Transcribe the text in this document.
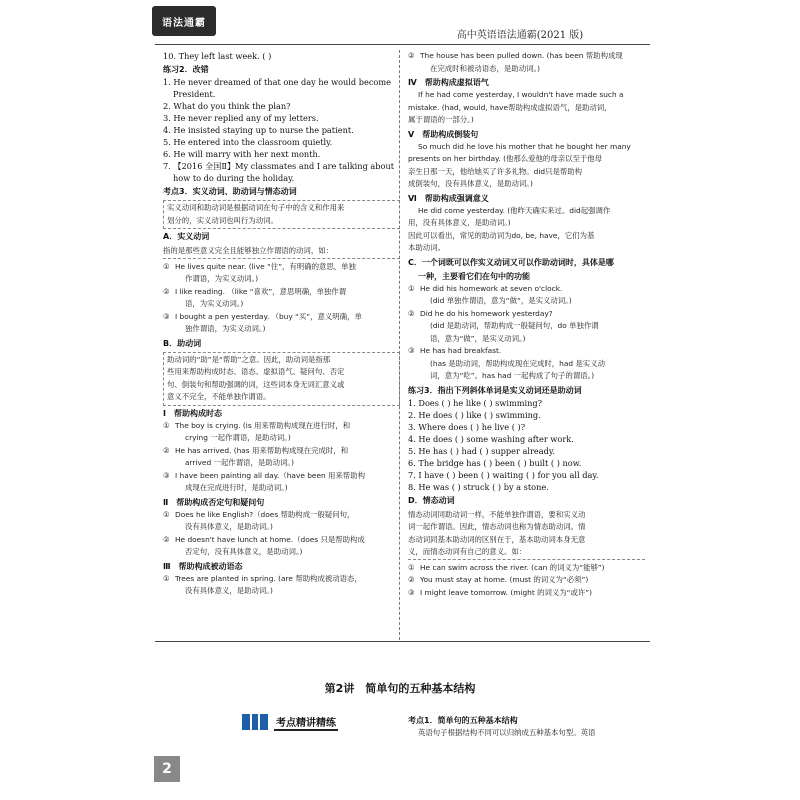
语法通霸
高中英语语法通霸(2021 版)
10. They left last week. ( )
练习2．改错
1. He never dreamed of that one day he would become
President.
2. What do you think the plan?
3. He never replied any of my letters.
4. He insisted staying up to nurse the patient.
5. He entered into the classroom quietly.
6. He will marry with her next month.
7. 【2016 全国Ⅱ】My classmates and I are talking about
how to do during the holiday.
考点3．实义动词、助动词与情态动词
实义动词和助动词是根据动词在句子中的含义和作用来
划分的，实义动词也叫行为动词。
A．实义动词
指的是那些意义完全且能够独立作谓语的动词，如：
① He lives quite near. (live “住”，有明确的意思，单独
作谓语，为实义动词。)
② I like reading. （like “喜欢”，意思明确，单独作谓
语，为实义动词。)
③ I bought a pen yesterday. （buy “买”，意义明确，单
独作谓语，为实义动词。)
B．助动词
助动词的“助”是“帮助”之意。因此，助动词是指那
些用来帮助构成时态、语态、虚拟语气、疑问句、否定
句、倒装句和帮助强调的词，这些词本身无词汇意义或
意义不完全，不能单独作谓语。
Ⅰ　帮助构成时态
① The boy is crying. (is 用来帮助构成现在进行时，和
crying 一起作谓语，是助动词。)
② He has arrived. (has 用来帮助构成现在完成时，和
arrived 一起作谓语，是助动词。)
③ I have been painting all day.（have been 用来帮助构
成现在完成进行时，是助动词。)
Ⅱ　帮助构成否定句和疑问句
① Does he like English?（does 帮助构成一般疑问句，
没有具体意义，是助动词。)
② He doesn't have lunch at home.（does 只是帮助构成
否定句，没有具体意义，是助动词。)
Ⅲ　帮助构成被动语态
① Trees are planted in spring. (are 帮助构成被动语态，
没有具体意义，是助动词。)
② The house has been pulled down. (has been 帮助构成现
在完成时和被动语态，是助动词。)
Ⅳ　帮助构成虚拟语气
If he had come yesterday, I wouldn't have made such a
mistake. (had, would, have帮助构成虚拟语气，是助动词，
属于谓语的一部分。)
Ⅴ　帮助构成倒装句
So much did he love his mother that he bought her many
presents on her birthday. (他那么爱他的母亲以至于他母
亲生日那一天，他给她买了许多礼物。did只是帮助构
成倒装句，没有具体意义，是助动词。)
Ⅵ　帮助构成强调意义
He did come yesterday. (他昨天确实来过。did起强调作
用，没有具体意义，是助动词。)
因此可以看出，常见的助动词为do, be, have，它们为基
本助动词。
C．一个词既可以作实义动词又可以作助动词时，具体是哪
一种，主要看它们在句中的功能
① He did his homework at seven o'clock.
(did 单独作谓语，意为“做”，是实义动词。)
② Did he do his homework yesterday?
(did 是助动词，帮助构成一般疑问句，do 单独作谓
语，意为“做”，是实义动词。)
③ He has had breakfast.
(has 是助动词，帮助构成现在完成时，had 是实义动
词，意为“吃”。has had 一起构成了句子的谓语。)
练习3．指出下列斜体单词是实义动词还是助动词
1. Does ( ) he like ( ) swimming?
2. He does ( ) like ( ) swimming.
3. Where does ( ) he live ( )?
4. He does ( ) some washing after work.
5. He has ( ) had ( ) supper already.
6. The bridge has ( ) been ( ) built ( ) now.
7. I have ( ) been ( ) waiting ( ) for you all day.
8. He was ( ) struck ( ) by a stone.
D．情态动词
情态动词同助动词一样，不能单独作谓语，要和实义动
词一起作谓语。因此，情态动词也称为情态助动词。情
态动词同基本助动词的区别在于，基本助动词本身无意
义，而情态动词有自己的意义。如：
① He can swim across the river. (can 的词义为“能够”)
② You must stay at home. (must 的词义为“必须”)
③ I might leave tomorrow. (might 的词义为“或许”)
第2讲　简单句的五种基本结构
考点精讲精练	考点1．简单句的五种基本结构
英语句子根据结构不同可以归纳成五种基本句型。英语
2
